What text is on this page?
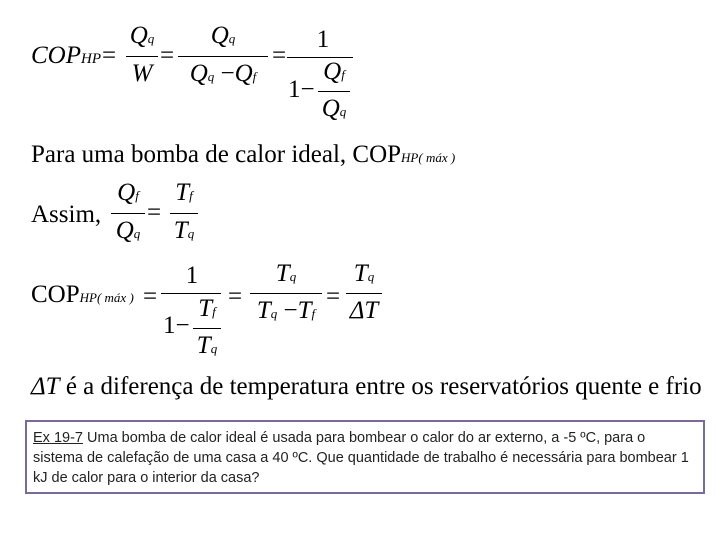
COPHP =
Qq
W
=
Qq
Qq −Qf
=
1
1−
Qf
Qq
Para uma bomba de calor ideal, COPHP( máx )
Assim,
Qf
Qq
=
Tf
Tq
COPHP( máx ) =
1
1−
Tf
Tq
=
Tq
Tq −Tf
=
Tq
ΔT
ΔT é a diferença de temperatura entre os reservatórios quente e frio
Ex 19-7 Uma bomba de calor ideal é usada para bombear o calor do ar externo, a -5 ºC, para o sistema de calefação de uma casa a 40 ºC. Que quantidade de trabalho é necessária para bombear 1 kJ de calor para o interior da casa?
